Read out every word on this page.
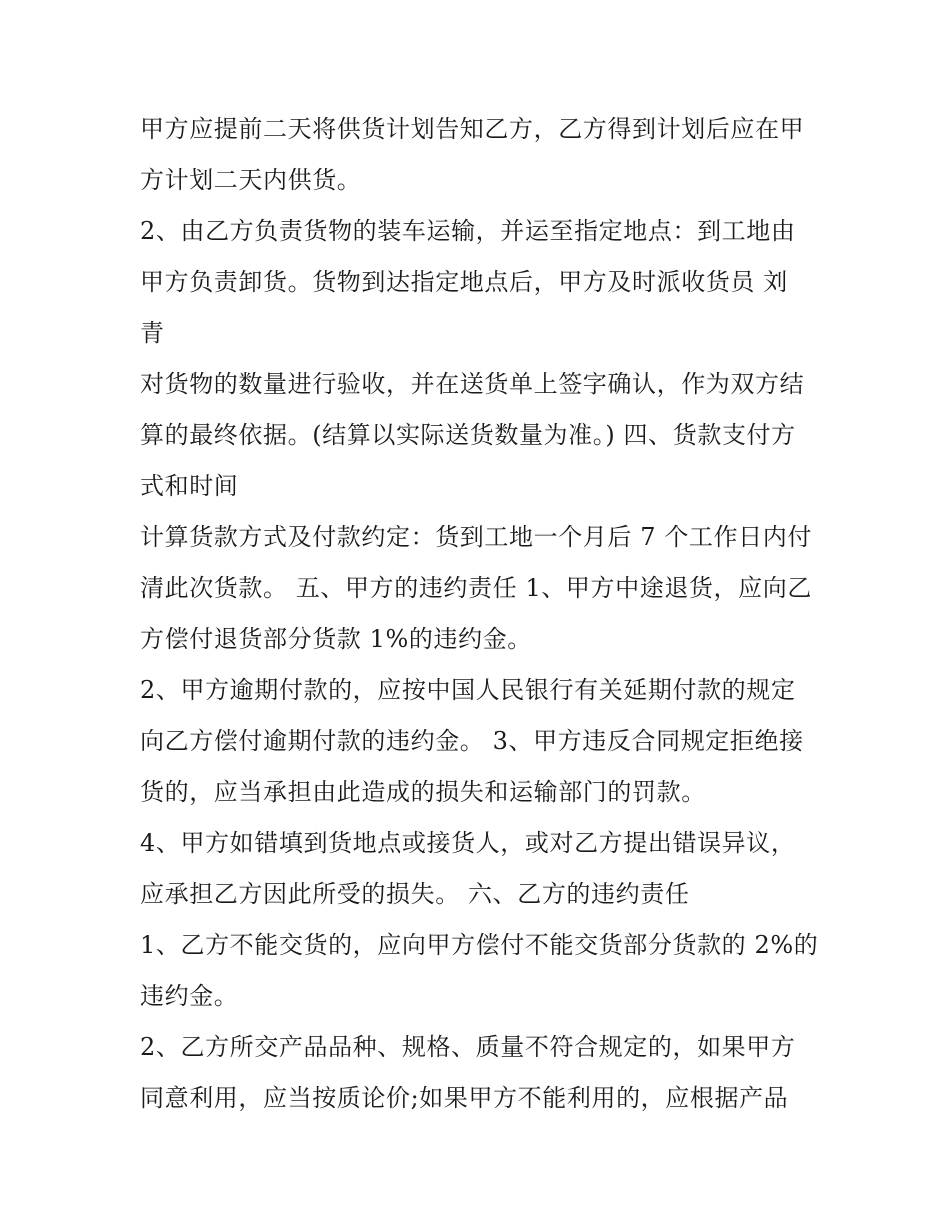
甲方应提前二天将供货计划告知乙方，乙方得到计划后应在甲
方计划二天内供货。
2、由乙方负责货物的装车运输，并运至指定地点：到工地由
甲方负责卸货。货物到达指定地点后，甲方及时派收货员 刘
青
对货物的数量进行验收，并在送货单上签字确认，作为双方结
算的最终依据。(结算以实际送货数量为准。) 四、货款支付方
式和时间
计算货款方式及付款约定：货到工地一个月后 7 个工作日内付
清此次货款。 五、甲方的违约责任 1、甲方中途退货，应向乙
方偿付退货部分货款 1%的违约金。
2、甲方逾期付款的，应按中国人民银行有关延期付款的规定
向乙方偿付逾期付款的违约金。 3、甲方违反合同规定拒绝接
货的，应当承担由此造成的损失和运输部门的罚款。
4、甲方如错填到货地点或接货人，或对乙方提出错误异议，
应承担乙方因此所受的损失。 六、乙方的违约责任
1、乙方不能交货的，应向甲方偿付不能交货部分货款的 2%的
违约金。
2、乙方所交产品品种、规格、质量不符合规定的，如果甲方
同意利用，应当按质论价;如果甲方不能利用的，应根据产品
